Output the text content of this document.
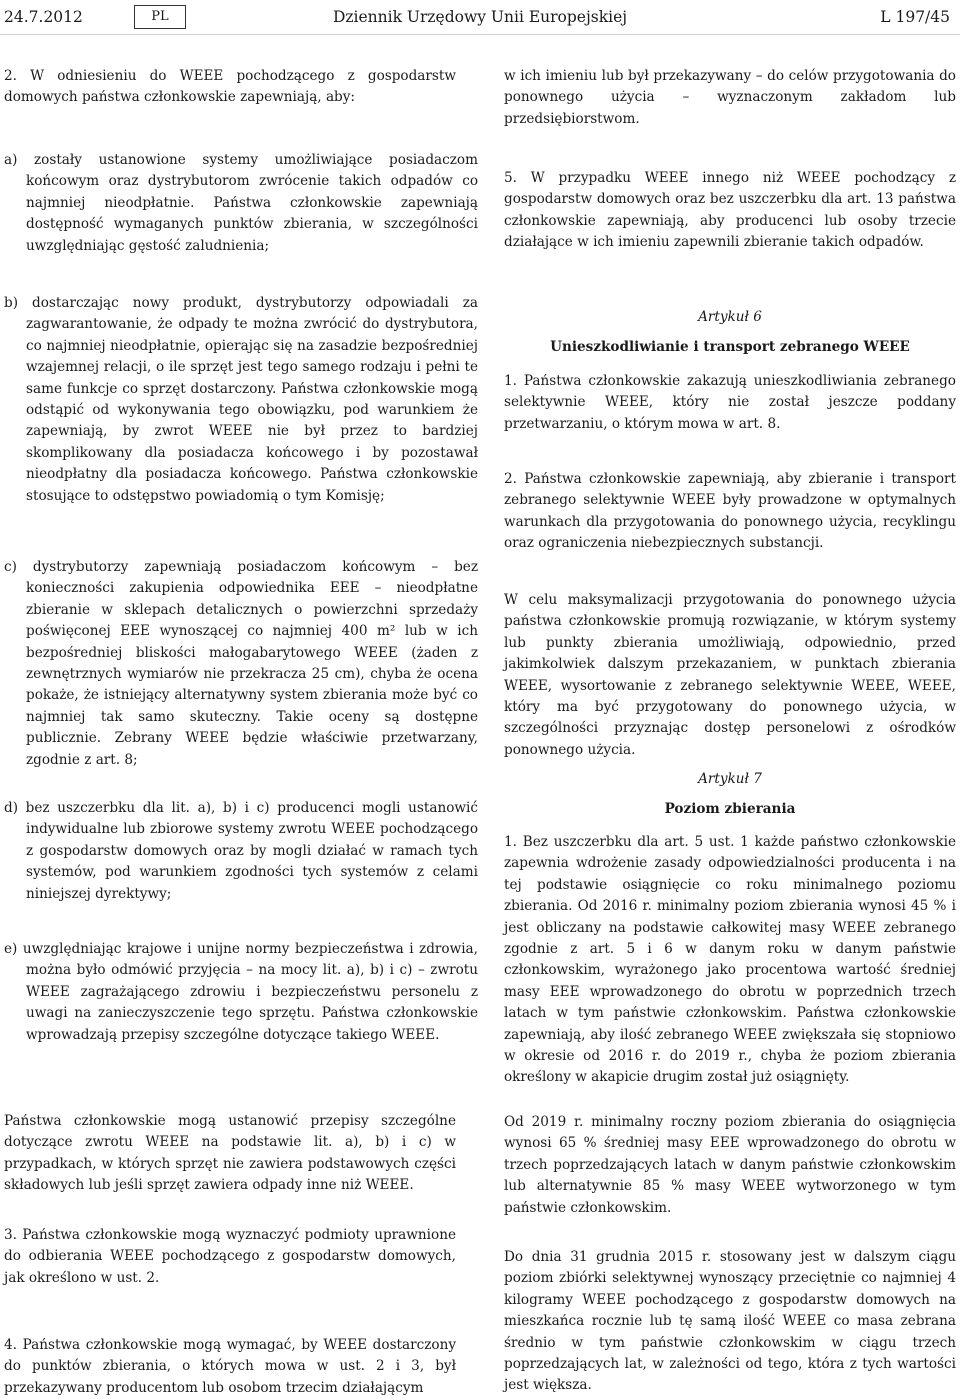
24.7.2012	Dziennik Urzędowy Unii Europejskiej
PL	L 197/45

2. W odniesieniu do WEEE pochodzącego z gospodarstw domowych państwa członkowskie zapewniają, aby:

a) zostały ustanowione systemy umożliwiające posiadaczom końcowym oraz dystrybutorom zwrócenie takich odpadów co najmniej nieodpłatnie. Państwa członkowskie zapewniają dostępność wymaganych punktów zbierania, w szczególności uwzględniając gęstość zaludnienia;

b) dostarczając nowy produkt, dystrybutorzy odpowiadali za zagwarantowanie, że odpady te można zwrócić do dystrybutora, co najmniej nieodpłatnie, opierając się na zasadzie bezpośredniej wzajemnej relacji, o ile sprzęt jest tego samego rodzaju i pełni te same funkcje co sprzęt dostarczony. Państwa członkowskie mogą odstąpić od wykonywania tego obowiązku, pod warunkiem że zapewniają, by zwrot WEEE nie był przez to bardziej skomplikowany dla posiadacza końcowego i by pozostawał nieodpłatny dla posiadacza końcowego. Państwa członkowskie stosujące to odstępstwo powiadomią o tym Komisję;

c) dystrybutorzy zapewniają posiadaczom końcowym – bez konieczności zakupienia odpowiednika EEE – nieodpłatne zbieranie w sklepach detalicznych o powierzchni sprzedaży poświęconej EEE wynoszącej co najmniej 400 m² lub w ich bezpośredniej bliskości małogabarytowego WEEE (żaden z zewnętrznych wymiarów nie przekracza 25 cm), chyba że ocena pokaże, że istniejący alternatywny system zbierania może być co najmniej tak samo skuteczny. Takie oceny są dostępne publicznie. Zebrany WEEE będzie właściwie przetwarzany, zgodnie z art. 8;

d) bez uszczerbku dla lit. a), b) i c) producenci mogli ustanowić indywidualne lub zbiorowe systemy zwrotu WEEE pochodzącego z gospodarstw domowych oraz by mogli działać w ramach tych systemów, pod warunkiem zgodności tych systemów z celami niniejszej dyrektywy;

e) uwzględniając krajowe i unijne normy bezpieczeństwa i zdrowia, można było odmówić przyjęcia – na mocy lit. a), b) i c) – zwrotu WEEE zagrażającego zdrowiu i bezpieczeństwu personelu z uwagi na zanieczyszczenie tego sprzętu. Państwa członkowskie wprowadzają przepisy szczególne dotyczące takiego WEEE.

Państwa członkowskie mogą ustanowić przepisy szczególne dotyczące zwrotu WEEE na podstawie lit. a), b) i c) w przypadkach, w których sprzęt nie zawiera podstawowych części składowych lub jeśli sprzęt zawiera odpady inne niż WEEE.

3. Państwa członkowskie mogą wyznaczyć podmioty uprawnione do odbierania WEEE pochodzącego z gospodarstw domowych, jak określono w ust. 2.

4. Państwa członkowskie mogą wymagać, by WEEE dostarczony do punktów zbierania, o których mowa w ust. 2 i 3, był przekazywany producentom lub osobom trzecim działającym

w ich imieniu lub był przekazywany – do celów przygotowania do ponownego użycia – wyznaczonym zakładom lub przedsiębiorstwom.

5. W przypadku WEEE innego niż WEEE pochodzący z gospodarstw domowych oraz bez uszczerbku dla art. 13 państwa członkowskie zapewniają, aby producenci lub osoby trzecie działające w ich imieniu zapewnili zbieranie takich odpadów.

Artykuł 6

Unieszkodliwianie i transport zebranego WEEE

1. Państwa członkowskie zakazują unieszkodliwiania zebranego selektywnie WEEE, który nie został jeszcze poddany przetwarzaniu, o którym mowa w art. 8.

2. Państwa członkowskie zapewniają, aby zbieranie i transport zebranego selektywnie WEEE były prowadzone w optymalnych warunkach dla przygotowania do ponownego użycia, recyklingu oraz ograniczenia niebezpiecznych substancji.

W celu maksymalizacji przygotowania do ponownego użycia państwa członkowskie promują rozwiązanie, w którym systemy lub punkty zbierania umożliwiają, odpowiednio, przed jakimkolwiek dalszym przekazaniem, w punktach zbierania WEEE, wysortowanie z zebranego selektywnie WEEE, WEEE, który ma być przygotowany do ponownego użycia, w szczególności przyznając dostęp personelowi z ośrodków ponownego użycia.

Artykuł 7

Poziom zbierania

1. Bez uszczerbku dla art. 5 ust. 1 każde państwo członkowskie zapewnia wdrożenie zasady odpowiedzialności producenta i na tej podstawie osiągnięcie co roku minimalnego poziomu zbierania. Od 2016 r. minimalny poziom zbierania wynosi 45 % i jest obliczany na podstawie całkowitej masy WEEE zebranego zgodnie z art. 5 i 6 w danym roku w danym państwie członkowskim, wyrażonego jako procentowa wartość średniej masy EEE wprowadzonego do obrotu w poprzednich trzech latach w tym państwie członkowskim. Państwa członkowskie zapewniają, aby ilość zebranego WEEE zwiększała się stopniowo w okresie od 2016 r. do 2019 r., chyba że poziom zbierania określony w akapicie drugim został już osiągnięty.

Od 2019 r. minimalny roczny poziom zbierania do osiągnięcia wynosi 65 % średniej masy EEE wprowadzonego do obrotu w trzech poprzedzających latach w danym państwie członkowskim lub alternatywnie 85 % masy WEEE wytworzonego w tym państwie członkowskim.

Do dnia 31 grudnia 2015 r. stosowany jest w dalszym ciągu poziom zbiórki selektywnej wynoszący przeciętnie co najmniej 4 kilogramy WEEE pochodzącego z gospodarstw domowych na mieszkańca rocznie lub tę samą ilość WEEE co masa zebrana średnio w tym państwie członkowskim w ciągu trzech poprzedzających lat, w zależności od tego, która z tych wartości jest większa.
